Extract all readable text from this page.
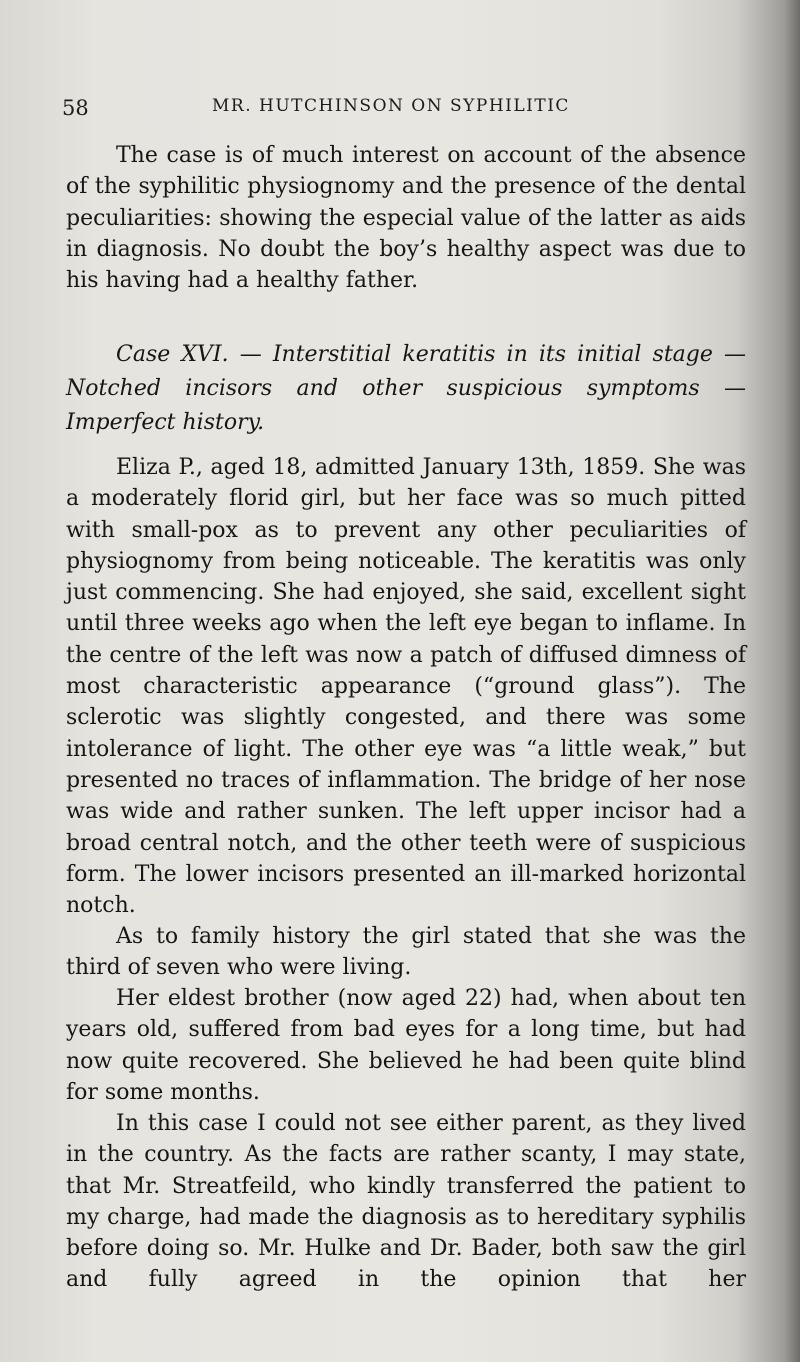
58	MR. HUTCHINSON ON SYPHILITIC

The case is of much interest on account of the absence of the syphilitic physiognomy and the presence of the dental peculiarities: showing the especial value of the latter as aids in diagnosis. No doubt the boy’s healthy aspect was due to his having had a healthy father.

Case XVI. — Interstitial keratitis in its initial stage — Notched incisors and other suspicious symptoms — Imperfect history.

Eliza P., aged 18, admitted January 13th, 1859. She was a moderately florid girl, but her face was so much pitted with small-pox as to prevent any other peculiarities of physiognomy from being noticeable. The keratitis was only just commencing. She had enjoyed, she said, excellent sight until three weeks ago when the left eye began to inflame. In the centre of the left was now a patch of diffused dimness of most characteristic appearance (“ground glass”). The sclerotic was slightly congested, and there was some intolerance of light. The other eye was “a little weak,” but presented no traces of inflammation. The bridge of her nose was wide and rather sunken. The left upper incisor had a broad central notch, and the other teeth were of suspicious form. The lower incisors presented an ill-marked horizontal notch.

As to family history the girl stated that she was the third of seven who were living.

Her eldest brother (now aged 22) had, when about ten years old, suffered from bad eyes for a long time, but had now quite recovered. She believed he had been quite blind for some months.

In this case I could not see either parent, as they lived in the country. As the facts are rather scanty, I may state, that Mr. Streatfeild, who kindly transferred the patient to my charge, had made the diagnosis as to hereditary syphilis before doing so. Mr. Hulke and Dr. Bader, both saw the girl and fully agreed in the opinion that her
